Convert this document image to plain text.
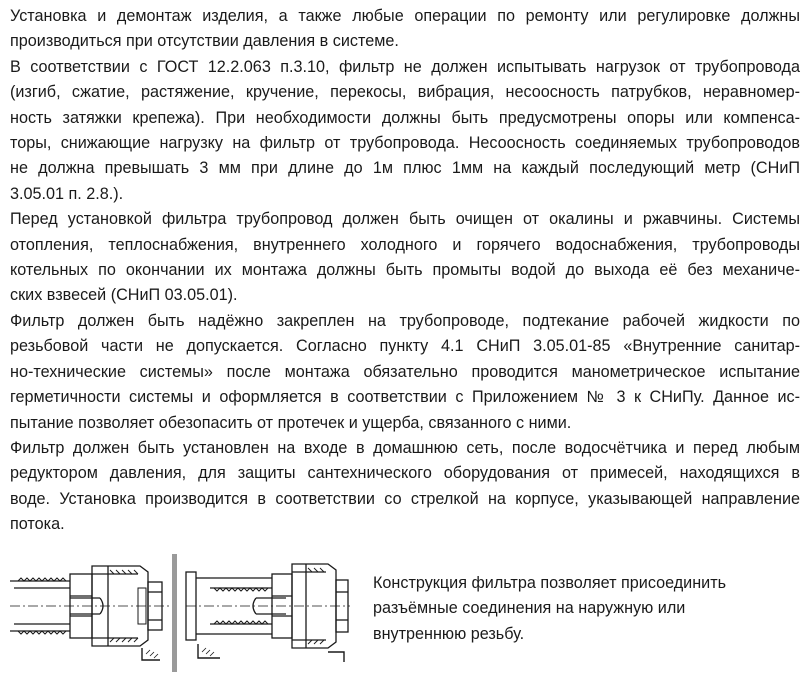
Установка и демонтаж изделия, а также любые операции по ремонту или регулировке должны
производиться при отсутствии давления в системе.

В соответствии с ГОСТ 12.2.063 п.3.10, фильтр не должен испытывать нагрузок от трубопровода
(изгиб, сжатие, растяжение, кручение, перекосы, вибрация, несоосность патрубков, неравномер-
ность затяжки крепежа). При необходимости должны быть предусмотрены опоры или компенса-
торы, снижающие нагрузку на фильтр от трубопровода. Несоосность соединяемых трубопроводов
не должна превышать 3 мм при длине до 1м плюс 1мм на каждый последующий метр (СНиП
3.05.01 п. 2.8.).

Перед установкой фильтра трубопровод должен быть очищен от окалины и ржавчины. Системы
отопления, теплоснабжения, внутреннего холодного и горячего водоснабжения, трубопроводы
котельных по окончании их монтажа должны быть промыты водой до выхода её без механиче-
ских взвесей (СНиП 03.05.01).

Фильтр должен быть надёжно закреплен на трубопроводе, подтекание рабочей жидкости по
резьбовой части не допускается. Согласно пункту 4.1 СНиП 3.05.01-85 «Внутренние санитар-
но-технические системы» после монтажа обязательно проводится манометрическое испытание
герметичности системы и оформляется в соответствии с Приложением № 3 к СНиПу. Данное ис-
пытание позволяет обезопасить от протечек и ущерба, связанного с ними.

Фильтр должен быть установлен на входе в домашнюю сеть, после водосчётчика и перед любым
редуктором давления, для защиты сантехнического оборудования от примесей, находящихся в
воде. Установка производится в соответствии со стрелкой на корпусе, указывающей направление
потока.

Конструкция фильтра позволяет присоединить
разъёмные соединения на наружную или
внутреннюю резьбу.
